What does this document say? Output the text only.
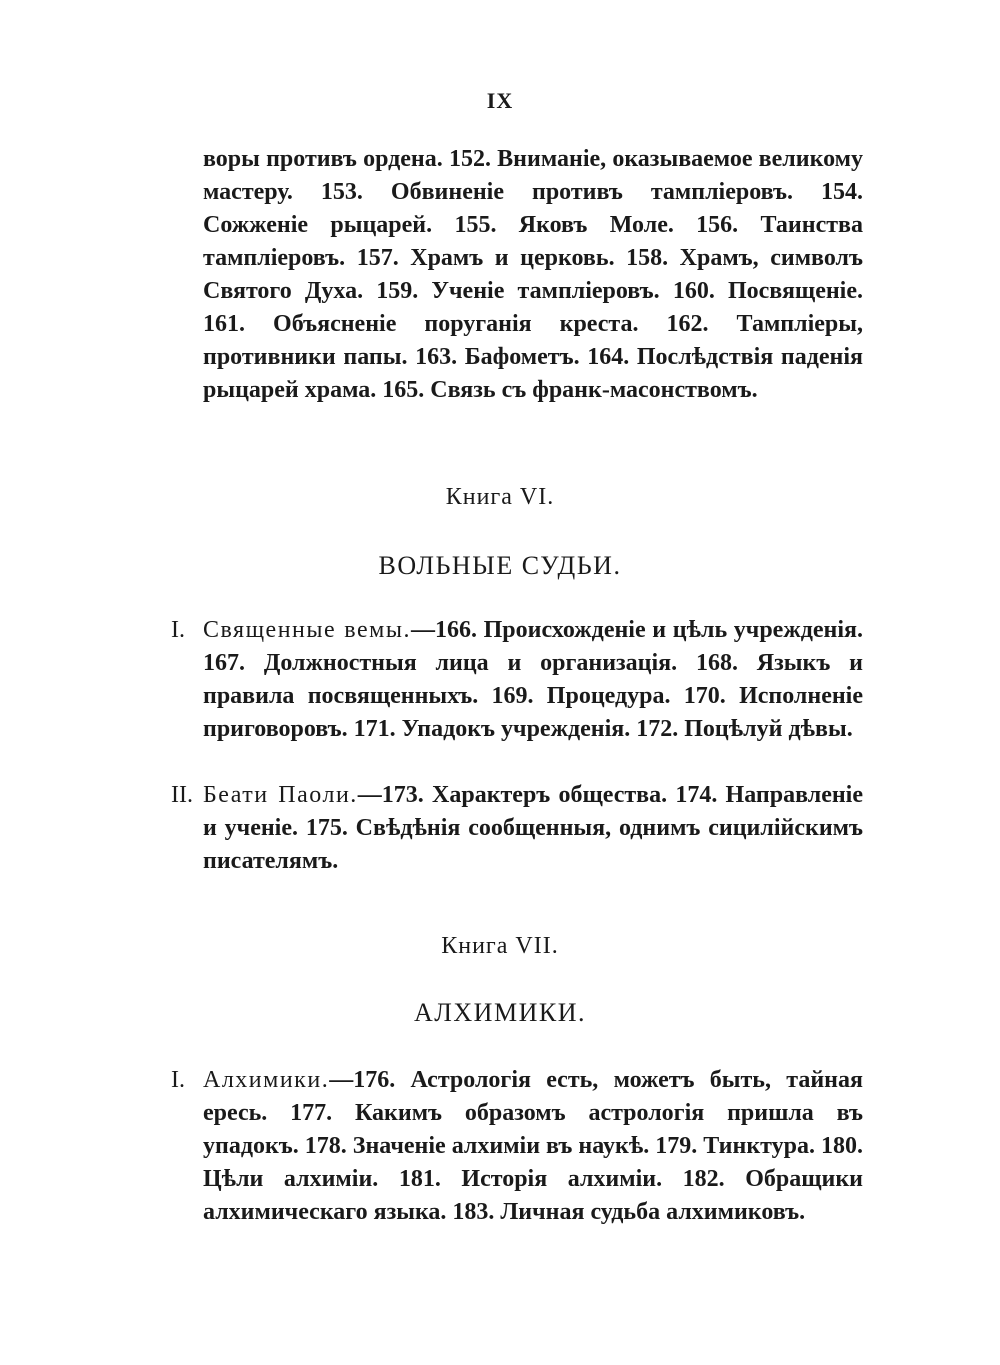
IX

воры противъ ордена. 152. Вниманіе, оказываемое великому мастеру. 153. Обвиненіе противъ тампліеровъ. 154. Сожженіе рыцарей. 155. Яковъ Моле. 156. Таинства тампліеровъ. 157. Храмъ и церковь. 158. Храмъ, символъ Святого Духа. 159. Ученіе тампліеровъ. 160. Посвященіе. 161. Объясненіе поруганія креста. 162. Тампліеры, противники папы. 163. Бафометъ. 164. Послѣдствія паденія рыцарей храма. 165. Связь съ франк-масонствомъ.

Книга VI.
ВОЛЬНЫЕ СУДЬИ.
I. Священные вемы.—166. Происхожденіе и цѣль учрежденія. 167. Должностныя лица и организація. 168. Языкъ и правила посвященныхъ. 169. Процедура. 170. Исполненіе приговоровъ. 171. Упадокъ учрежденія. 172. Поцѣлуй дѣвы.
II. Беати Паоли.—173. Характеръ общества. 174. Направленіе и ученіе. 175. Свѣдѣнія сообщенныя, однимъ сицилійскимъ писателямъ.
Книга VII.
АЛХИМИКИ.
I. Алхимики.—176. Астрологія есть, можетъ быть, тайная ересь. 177. Какимъ образомъ астрологія пришла въ упадокъ. 178. Значеніе алхиміи въ наукѣ. 179. Тинктура. 180. Цѣли алхиміи. 181. Исторія алхиміи. 182. Обращики алхимическаго языка. 183. Личная судьба алхимиковъ.
